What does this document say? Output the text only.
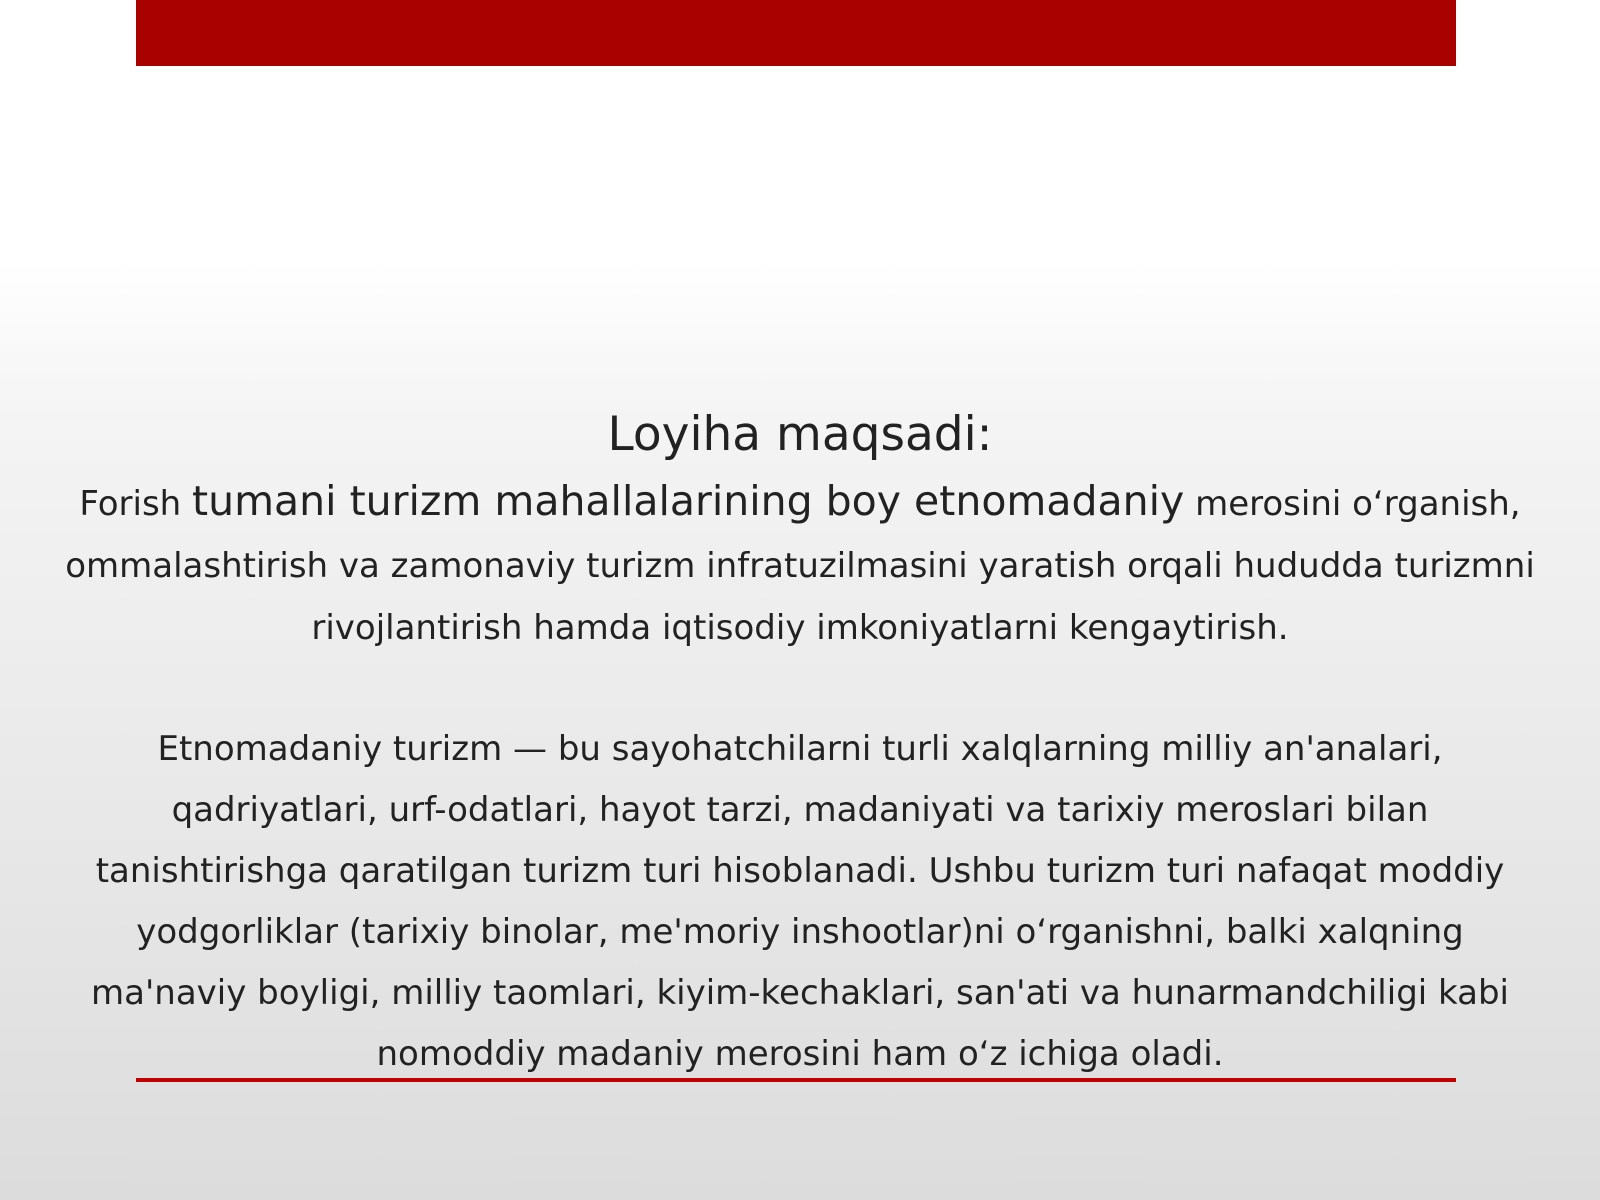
Loyiha maqsadi:

Forish tumani turizm mahallalarining boy etnomadaniy merosini o‘rganish, ommalashtirish va zamonaviy turizm infratuzilmasini yaratish orqali hududda turizmni rivojlantirish hamda iqtisodiy imkoniyatlarni kengaytirish.

Etnomadaniy turizm — bu sayohatchilarni turli xalqlarning milliy an'analari, qadriyatlari, urf-odatlari, hayot tarzi, madaniyati va tarixiy meroslari bilan tanishtirishga qaratilgan turizm turi hisoblanadi. Ushbu turizm turi nafaqat moddiy yodgorliklar (tarixiy binolar, me'moriy inshootlar)ni o‘rganishni, balki xalqning ma'naviy boyligi, milliy taomlari, kiyim-kechaklari, san'ati va hunarmandchiligi kabi nomoddiy madaniy merosini ham o‘z ichiga oladi.
